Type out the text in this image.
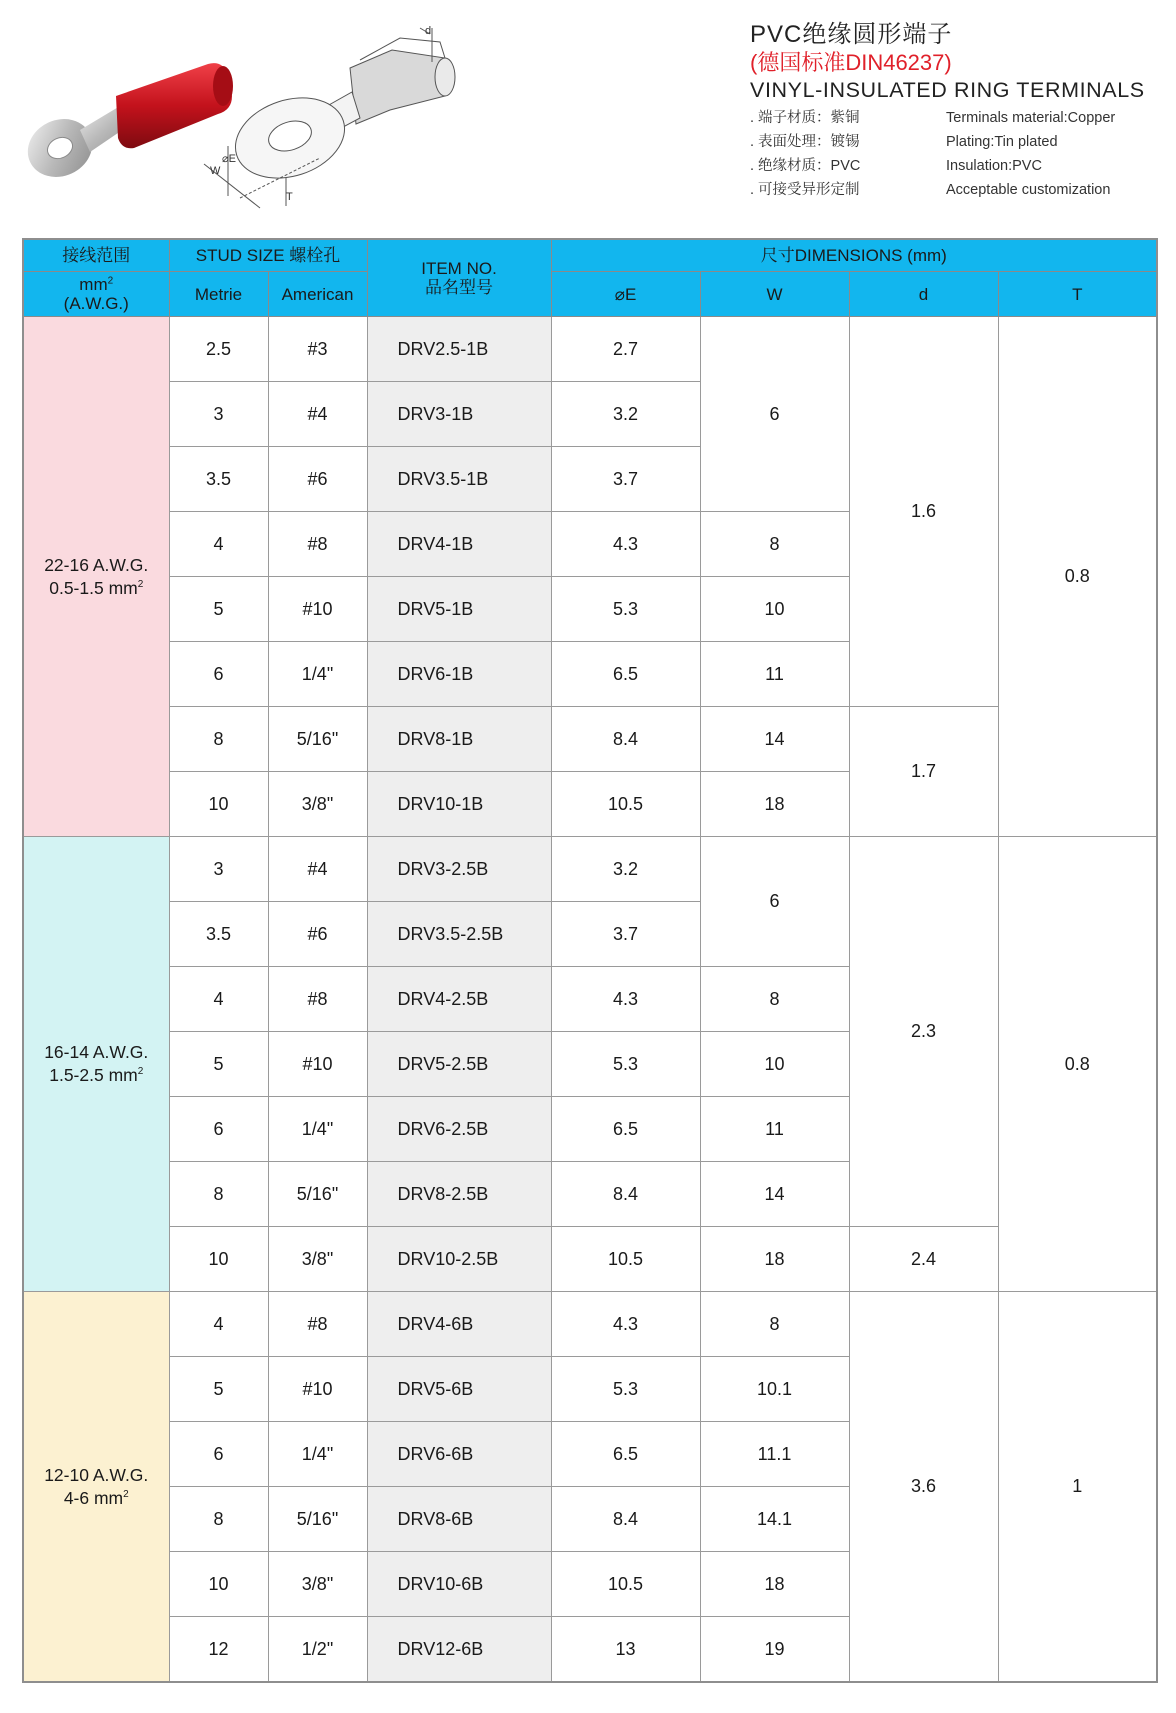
d
⌀E
W
T
PVC绝缘圆形端子
(德国标准DIN46237)
VINYL-INSULATED RING TERMINALS
. 端子材质：紫铜	Terminals material:Copper
. 表面处理：镀锡	Plating:Tin plated
. 绝缘材质：PVC	Insulation:PVC
. 可接受异形定制	Acceptable customization
接线范围	STUD SIZE 螺栓孔		ITEM NO.
品名型号	尺寸DIMENSIONS (mm)			

$mm^2$
(A.W.G.)	Metrie	American		⌀E	W	d	T

22-16 A.W.G.
0.5-1.5 $mm^2$	2.5	#3	DRV2.5-1B	2.7	6	1.6	0.8
	3	#4	DRV3-1B	3.2			
	3.5	#6	DRV3.5-1B	3.7			
	4	#8	DRV4-1B	4.3	8		
	5	#10	DRV5-1B	5.3	10		
	6	1/4"	DRV6-1B	6.5	11		
	8	5/16"	DRV8-1B	8.4	14	1.7	
	10	3/8"	DRV10-1B	10.5	18		

16-14 A.W.G.
1.5-2.5 $mm^2$	3	#4	DRV3-2.5B	3.2	6	2.3	0.8
	3.5	#6	DRV3.5-2.5B	3.7			
	4	#8	DRV4-2.5B	4.3	8		
	5	#10	DRV5-2.5B	5.3	10		
	6	1/4"	DRV6-2.5B	6.5	11		
	8	5/16"	DRV8-2.5B	8.4	14		
	10	3/8"	DRV10-2.5B	10.5	18	2.4	

12-10 A.W.G.
4-6 $mm^2$	4	#8	DRV4-6B	4.3	8	3.6	1
	5	#10	DRV5-6B	5.3	10.1		
	6	1/4"	DRV6-6B	6.5	11.1		
	8	5/16"	DRV8-6B	8.4	14.1		
	10	3/8"	DRV10-6B	10.5	18		
	12	1/2"	DRV12-6B	13	19		
